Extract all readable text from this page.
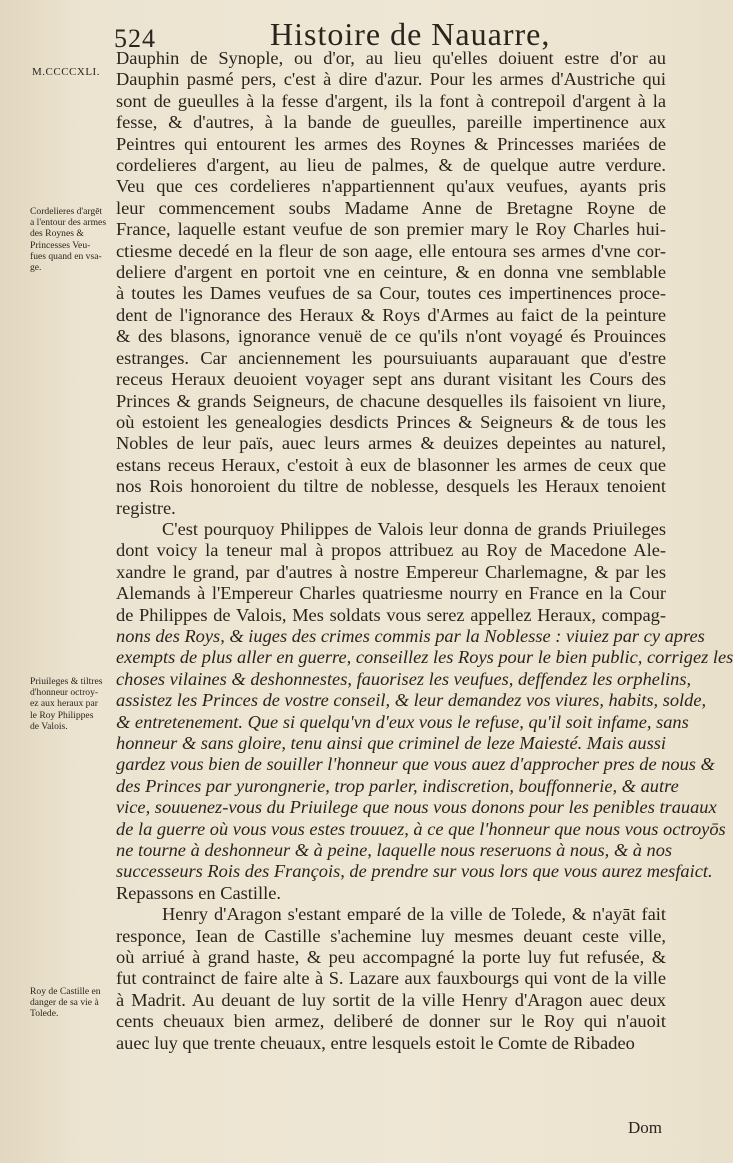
524	Histoire de Nauarre,
M.CCCCXLI.
Cordelieres d'argēt
a l'entour des armes
des Roynes &
Princesses Veu-
fues quand en vsa-
ge.
Priuileges & tiltres
d'honneur octroy-
ez aux heraux par
le Roy Philippes
de Valois.
Roy de Castille en
danger de sa vie à
Tolede.
Dauphin de Synople, ou d'or, au lieu qu'elles doiuent estre d'or au
Dauphin pasmé pers, c'est à dire d'azur. Pour les armes d'Austriche qui
sont de gueulles à la fesse d'argent, ils la font à contrepoil d'argent à la
fesse, & d'autres, à la bande de gueulles, pareille impertinence aux
Peintres qui entourent les armes des Roynes & Princesses mariées de
cordelieres d'argent, au lieu de palmes, & de quelque autre verdure.
Veu que ces cordelieres n'appartiennent qu'aux veufues, ayants pris
leur commencement soubs Madame Anne de Bretagne Royne de
France, laquelle estant veufue de son premier mary le Roy Charles hui-
ctiesme decedé en la fleur de son aage, elle entoura ses armes d'vne cor-
deliere d'argent en portoit vne en ceinture, & en donna vne semblable
à toutes les Dames veufues de sa Cour, toutes ces impertinences proce-
dent de l'ignorance des Heraux & Roys d'Armes au faict de la peinture
& des blasons, ignorance venuë de ce qu'ils n'ont voyagé és Prouinces
estranges. Car anciennement les poursuiuants auparauant que d'estre
receus Heraux deuoient voyager sept ans durant visitant les Cours des
Princes & grands Seigneurs, de chacune desquelles ils faisoient vn liure,
où estoient les genealogies desdicts Princes & Seigneurs & de tous les
Nobles de leur païs, auec leurs armes & deuizes depeintes au naturel,
estans receus Heraux, c'estoit à eux de blasonner les armes de ceux que
nos Rois honoroient du tiltre de noblesse, desquels les Heraux tenoient
registre.
C'est pourquoy Philippes de Valois leur donna de grands Priuileges
dont voicy la teneur mal à propos attribuez au Roy de Macedone Ale-
xandre le grand, par d'autres à nostre Empereur Charlemagne, & par les
Alemands à l'Empereur Charles quatriesme nourry en France en la Cour
de Philippes de Valois, Mes soldats vous serez appellez Heraux, compag-
nons des Roys, & iuges des crimes commis par la Noblesse : viuiez par cy apres
exempts de plus aller en guerre, conseillez les Roys pour le bien public, corrigez les
choses vilaines & deshonnestes, fauorisez les veufues, deffendez les orphelins,
assistez les Princes de vostre conseil, & leur demandez vos viures, habits, solde,
& entretenement. Que si quelqu'vn d'eux vous le refuse, qu'il soit infame, sans
honneur & sans gloire, tenu ainsi que criminel de leze Maiesté. Mais aussi
gardez vous bien de souiller l'honneur que vous auez d'approcher pres de nous &
des Princes par yurongnerie, trop parler, indiscretion, bouffonnerie, & autre
vice, souuenez-vous du Priuilege que nous vous donons pour les penibles trauaux
de la guerre où vous vous estes trouuez, à ce que l'honneur que nous vous octroyōs
ne tourne à deshonneur & à peine, laquelle nous reseruons à nous, & à nos
successeurs Rois des François, de prendre sur vous lors que vous aurez mesfaict.
Repassons en Castille.
Henry d'Aragon s'estant emparé de la ville de Tolede, & n'ayāt fait
responce, Iean de Castille s'achemine luy mesmes deuant ceste ville,
où arriué à grand haste, & peu accompagné la porte luy fut refusée, &
fut contrainct de faire alte à S. Lazare aux fauxbourgs qui vont de la ville
à Madrit. Au deuant de luy sortit de la ville Henry d'Aragon auec deux
cents cheuaux bien armez, deliberé de donner sur le Roy qui n'auoit
auec luy que trente cheuaux, entre lesquels estoit le Comte de Ribadeo
Dom
